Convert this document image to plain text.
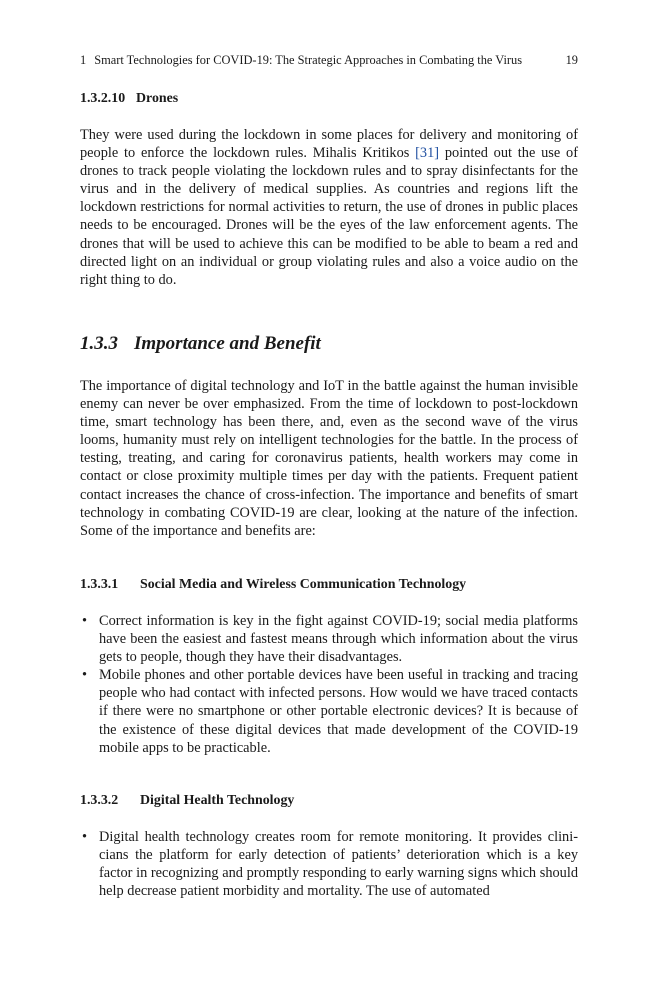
1 Smart Technologies for COVID-19: The Strategic Approaches in Combating the Virus	19
1.3.2.10 Drones

They were used during the lockdown in some places for delivery and monitoring of people to enforce the lockdown rules. Mihalis Kritikos [31] pointed out the use of drones to track people violating the lockdown rules and to spray disinfectants for the virus and in the delivery of medical supplies. As countries and regions lift the lockdown restrictions for normal activities to return, the use of drones in public places needs to be encouraged. Drones will be the eyes of the law enforcement agents. The drones that will be used to achieve this can be modified to be able to beam a red and directed light on an individual or group violating rules and also a voice audio on the right thing to do.

1.3.3 Importance and Benefit

The importance of digital technology and IoT in the battle against the human invisible enemy can never be over emphasized. From the time of lockdown to post-lockdown time, smart technology has been there, and, even as the second wave of the virus looms, humanity must rely on intelligent technologies for the battle. In the process of testing, treating, and caring for coronavirus patients, health workers may come in contact or close proximity multiple times per day with the patients. Frequent patient contact increases the chance of cross-infection. The importance and benefits of smart technology in combating COVID-19 are clear, looking at the nature of the infection. Some of the importance and benefits are:

1.3.3.1 Social Media and Wireless Communication Technology
• Correct information is key in the fight against COVID-19; social media platforms have been the easiest and fastest means through which information about the virus gets to people, though they have their disadvantages.
• Mobile phones and other portable devices have been useful in tracking and tracing people who had contact with infected persons. How would we have traced contacts if there were no smartphone or other portable electronic devices? It is because of the existence of these digital devices that made development of the COVID-19 mobile apps to be practicable.
1.3.3.2 Digital Health Technology
• Digital health technology creates room for remote monitoring. It provides clinicians the platform for early detection of patients’ deterioration which is a key factor in recognizing and promptly responding to early warning signs which should help decrease patient morbidity and mortality. The use of automated
